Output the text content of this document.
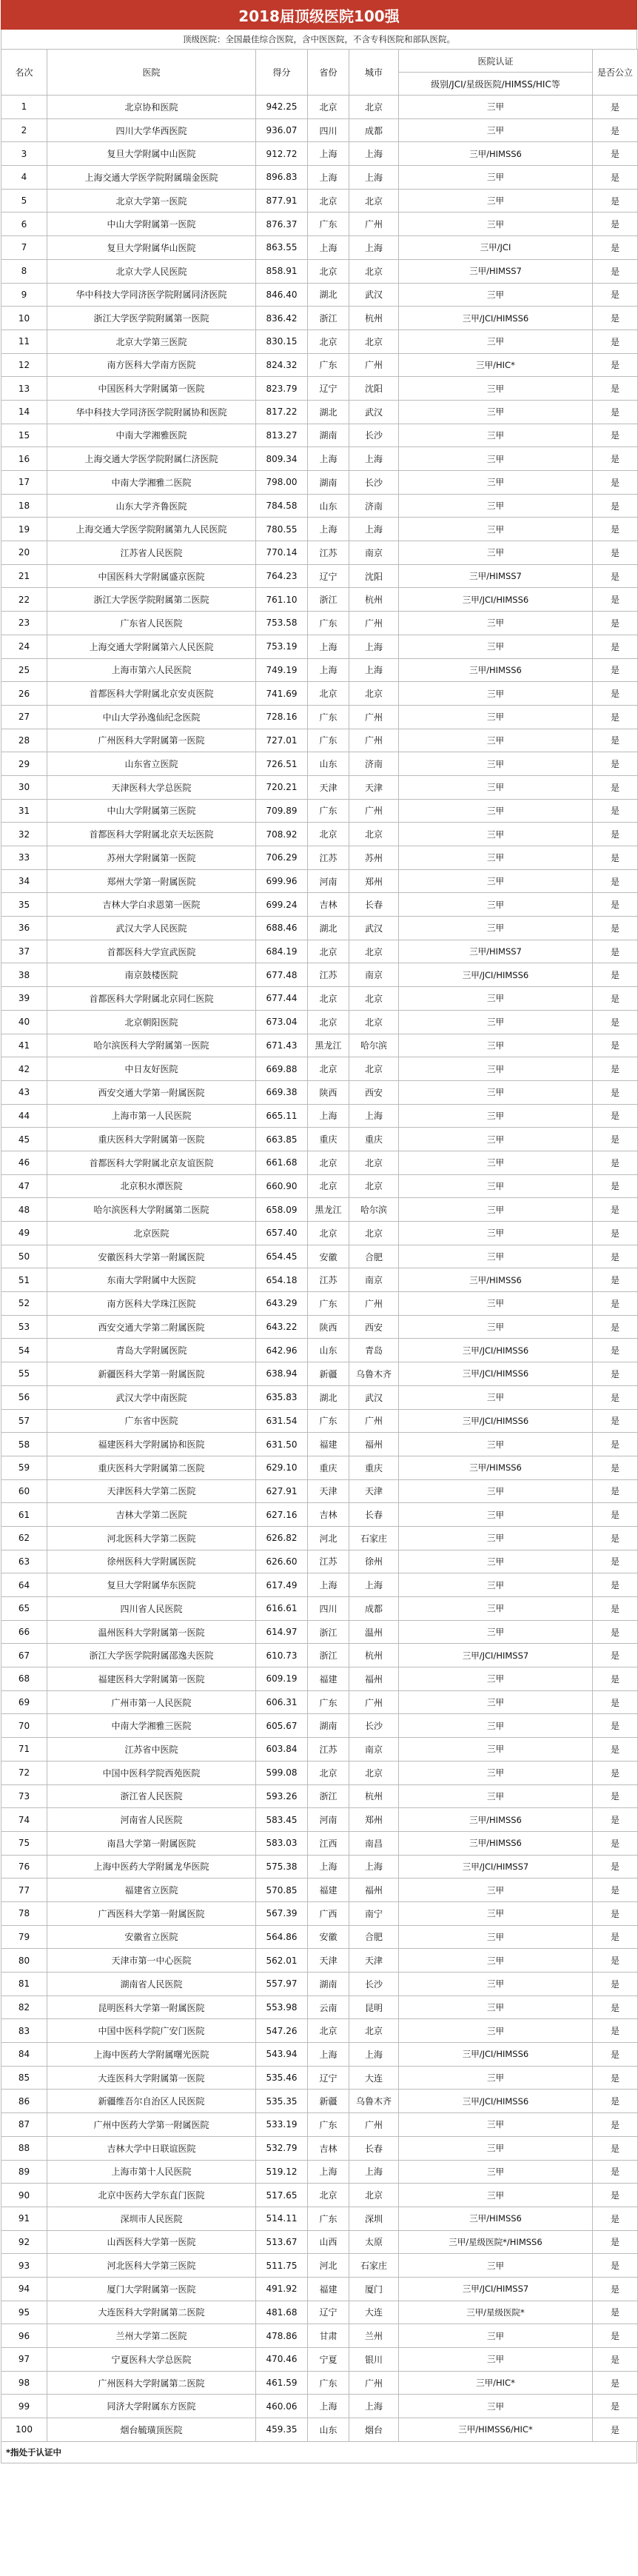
2018届顶级医院100强
顶级医院：全国最佳综合医院，含中医医院，不含专科医院和部队医院。
名次	医院	得分	省份	城市	医院认证	是否公立
					级别/JCI/星级医院/HIMSS/HIC等	
1	北京协和医院	942.25	北京	北京	三甲	是
2	四川大学华西医院	936.07	四川	成都	三甲	是
3	复旦大学附属中山医院	912.72	上海	上海	三甲/HIMSS6	是
4	上海交通大学医学院附属瑞金医院	896.83	上海	上海	三甲	是
5	北京大学第一医院	877.91	北京	北京	三甲	是
6	中山大学附属第一医院	876.37	广东	广州	三甲	是
7	复旦大学附属华山医院	863.55	上海	上海	三甲/JCI	是
8	北京大学人民医院	858.91	北京	北京	三甲/HIMSS7	是
9	华中科技大学同济医学院附属同济医院	846.40	湖北	武汉	三甲	是
10	浙江大学医学院附属第一医院	836.42	浙江	杭州	三甲/JCI/HIMSS6	是
11	北京大学第三医院	830.15	北京	北京	三甲	是
12	南方医科大学南方医院	824.32	广东	广州	三甲/HIC*	是
13	中国医科大学附属第一医院	823.79	辽宁	沈阳	三甲	是
14	华中科技大学同济医学院附属协和医院	817.22	湖北	武汉	三甲	是
15	中南大学湘雅医院	813.27	湖南	长沙	三甲	是
16	上海交通大学医学院附属仁济医院	809.34	上海	上海	三甲	是
17	中南大学湘雅二医院	798.00	湖南	长沙	三甲	是
18	山东大学齐鲁医院	784.58	山东	济南	三甲	是
19	上海交通大学医学院附属第九人民医院	780.55	上海	上海	三甲	是
20	江苏省人民医院	770.14	江苏	南京	三甲	是
21	中国医科大学附属盛京医院	764.23	辽宁	沈阳	三甲/HIMSS7	是
22	浙江大学医学院附属第二医院	761.10	浙江	杭州	三甲/JCI/HIMSS6	是
23	广东省人民医院	753.58	广东	广州	三甲	是
24	上海交通大学附属第六人民医院	753.19	上海	上海	三甲	是
25	上海市第六人民医院	749.19	上海	上海	三甲/HIMSS6	是
26	首都医科大学附属北京安贞医院	741.69	北京	北京	三甲	是
27	中山大学孙逸仙纪念医院	728.16	广东	广州	三甲	是
28	广州医科大学附属第一医院	727.01	广东	广州	三甲	是
29	山东省立医院	726.51	山东	济南	三甲	是
30	天津医科大学总医院	720.21	天津	天津	三甲	是
31	中山大学附属第三医院	709.89	广东	广州	三甲	是
32	首都医科大学附属北京天坛医院	708.92	北京	北京	三甲	是
33	苏州大学附属第一医院	706.29	江苏	苏州	三甲	是
34	郑州大学第一附属医院	699.96	河南	郑州	三甲	是
35	吉林大学白求恩第一医院	699.24	吉林	长春	三甲	是
36	武汉大学人民医院	688.46	湖北	武汉	三甲	是
37	首都医科大学宣武医院	684.19	北京	北京	三甲/HIMSS7	是
38	南京鼓楼医院	677.48	江苏	南京	三甲/JCI/HIMSS6	是
39	首都医科大学附属北京同仁医院	677.44	北京	北京	三甲	是
40	北京朝阳医院	673.04	北京	北京	三甲	是
41	哈尔滨医科大学附属第一医院	671.43	黑龙江	哈尔滨	三甲	是
42	中日友好医院	669.88	北京	北京	三甲	是
43	西安交通大学第一附属医院	669.38	陕西	西安	三甲	是
44	上海市第一人民医院	665.11	上海	上海	三甲	是
45	重庆医科大学附属第一医院	663.85	重庆	重庆	三甲	是
46	首都医科大学附属北京友谊医院	661.68	北京	北京	三甲	是
47	北京积水潭医院	660.90	北京	北京	三甲	是
48	哈尔滨医科大学附属第二医院	658.09	黑龙江	哈尔滨	三甲	是
49	北京医院	657.40	北京	北京	三甲	是
50	安徽医科大学第一附属医院	654.45	安徽	合肥	三甲	是
51	东南大学附属中大医院	654.18	江苏	南京	三甲/HIMSS6	是
52	南方医科大学珠江医院	643.29	广东	广州	三甲	是
53	西安交通大学第二附属医院	643.22	陕西	西安	三甲	是
54	青岛大学附属医院	642.96	山东	青岛	三甲/JCI/HIMSS6	是
55	新疆医科大学第一附属医院	638.94	新疆	乌鲁木齐	三甲/JCI/HIMSS6	是
56	武汉大学中南医院	635.83	湖北	武汉	三甲	是
57	广东省中医院	631.54	广东	广州	三甲/JCI/HIMSS6	是
58	福建医科大学附属协和医院	631.50	福建	福州	三甲	是
59	重庆医科大学附属第二医院	629.10	重庆	重庆	三甲/HIMSS6	是
60	天津医科大学第二医院	627.91	天津	天津	三甲	是
61	吉林大学第二医院	627.16	吉林	长春	三甲	是
62	河北医科大学第二医院	626.82	河北	石家庄	三甲	是
63	徐州医科大学附属医院	626.60	江苏	徐州	三甲	是
64	复旦大学附属华东医院	617.49	上海	上海	三甲	是
65	四川省人民医院	616.61	四川	成都	三甲	是
66	温州医科大学附属第一医院	614.97	浙江	温州	三甲	是
67	浙江大学医学院附属邵逸夫医院	610.73	浙江	杭州	三甲/JCI/HIMSS7	是
68	福建医科大学附属第一医院	609.19	福建	福州	三甲	是
69	广州市第一人民医院	606.31	广东	广州	三甲	是
70	中南大学湘雅三医院	605.67	湖南	长沙	三甲	是
71	江苏省中医院	603.84	江苏	南京	三甲	是
72	中国中医科学院西苑医院	599.08	北京	北京	三甲	是
73	浙江省人民医院	593.26	浙江	杭州	三甲	是
74	河南省人民医院	583.45	河南	郑州	三甲/HIMSS6	是
75	南昌大学第一附属医院	583.03	江西	南昌	三甲/HIMSS6	是
76	上海中医药大学附属龙华医院	575.38	上海	上海	三甲/JCI/HIMSS7	是
77	福建省立医院	570.85	福建	福州	三甲	是
78	广西医科大学第一附属医院	567.39	广西	南宁	三甲	是
79	安徽省立医院	564.86	安徽	合肥	三甲	是
80	天津市第一中心医院	562.01	天津	天津	三甲	是
81	湖南省人民医院	557.97	湖南	长沙	三甲	是
82	昆明医科大学第一附属医院	553.98	云南	昆明	三甲	是
83	中国中医科学院广安门医院	547.26	北京	北京	三甲	是
84	上海中医药大学附属曙光医院	543.94	上海	上海	三甲/JCI/HIMSS6	是
85	大连医科大学附属第一医院	535.46	辽宁	大连	三甲	是
86	新疆维吾尔自治区人民医院	535.35	新疆	乌鲁木齐	三甲/JCI/HIMSS6	是
87	广州中医药大学第一附属医院	533.19	广东	广州	三甲	是
88	吉林大学中日联谊医院	532.79	吉林	长春	三甲	是
89	上海市第十人民医院	519.12	上海	上海	三甲	是
90	北京中医药大学东直门医院	517.65	北京	北京	三甲	是
91	深圳市人民医院	514.11	广东	深圳	三甲/HIMSS6	是
92	山西医科大学第一医院	513.67	山西	太原	三甲/星级医院*/HIMSS6	是
93	河北医科大学第三医院	511.75	河北	石家庄	三甲	是
94	厦门大学附属第一医院	491.92	福建	厦门	三甲/JCI/HIMSS7	是
95	大连医科大学附属第二医院	481.68	辽宁	大连	三甲/星级医院*	是
96	兰州大学第二医院	478.86	甘肃	兰州	三甲	是
97	宁夏医科大学总医院	470.46	宁夏	银川	三甲	是
98	广州医科大学附属第二医院	461.59	广东	广州	三甲/HIC*	是
99	同济大学附属东方医院	460.06	上海	上海	三甲	是
100	烟台毓璜顶医院	459.35	山东	烟台	三甲/HIMSS6/HIC*	是
*指处于认证中
